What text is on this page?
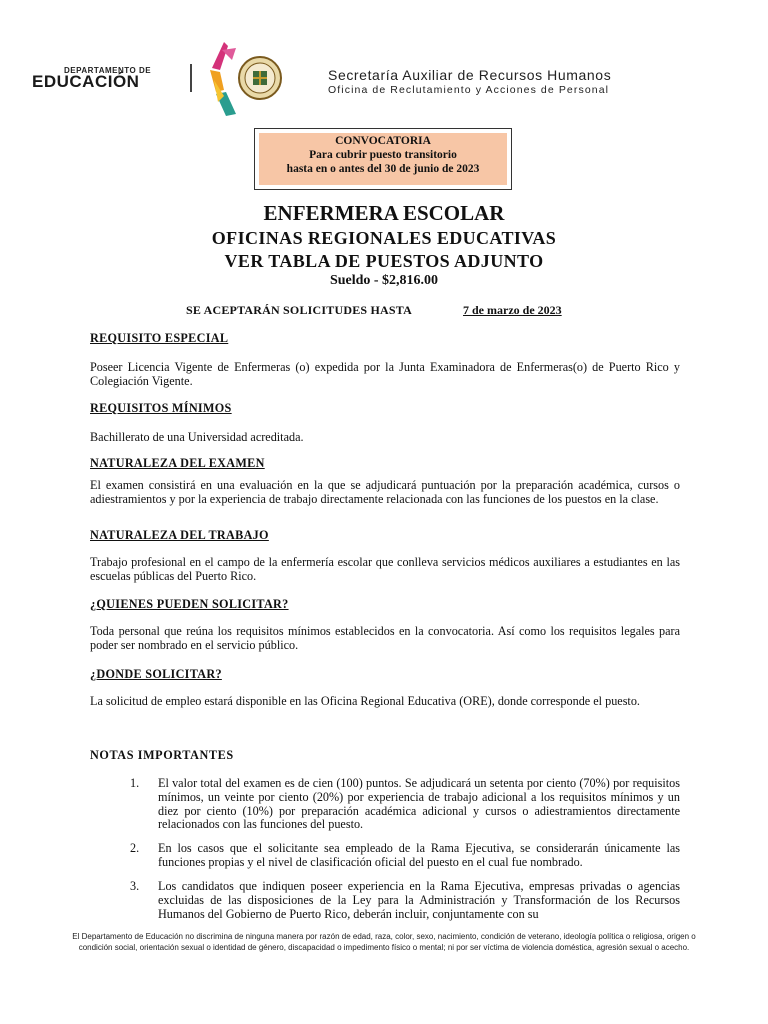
DEPARTAMENTO DE
EDUCACIÓN	Secretaría Auxiliar de Recursos Humanos
Oficina de Reclutamiento y Acciones de Personal
CONVOCATORIA
Para cubrir puesto transitorio
hasta en o antes del 30 de junio de 2023
ENFERMERA ESCOLAR
OFICINAS REGIONALES EDUCATIVAS
VER TABLA DE PUESTOS ADJUNTO
Sueldo - $2,816.00
SE ACEPTARÁN SOLICITUDES HASTA	7 de marzo de 2023
REQUISITO ESPECIAL
Poseer Licencia Vigente de Enfermeras (o) expedida por la Junta Examinadora de Enfermeras(o) de Puerto Rico y Colegiación Vigente.
REQUISITOS MÍNIMOS
Bachillerato de una Universidad acreditada.
NATURALEZA DEL EXAMEN
El examen consistirá en una evaluación en la que se adjudicará puntuación por la preparación académica, cursos o adiestramientos y por la experiencia de trabajo directamente relacionada con las funciones de los puestos en la clase.
NATURALEZA DEL TRABAJO
Trabajo profesional en el campo de la enfermería escolar que conlleva servicios médicos auxiliares a estudiantes en las escuelas públicas del Puerto Rico.
¿QUIENES PUEDEN SOLICITAR?
Toda personal que reúna los requisitos mínimos establecidos en la convocatoria. Así como los requisitos legales para poder ser nombrado en el servicio público.
¿DONDE SOLICITAR?
La solicitud de empleo estará disponible en las Oficina Regional Educativa (ORE), donde corresponde el puesto.
NOTAS IMPORTANTES
1.	El valor total del examen es de cien (100) puntos. Se adjudicará un setenta por ciento (70%) por requisitos mínimos, un veinte por ciento (20%) por experiencia de trabajo adicional a los requisitos mínimos y un diez por ciento (10%) por preparación académica adicional y cursos o adiestramientos directamente relacionados con las funciones del puesto.
2.	En los casos que el solicitante sea empleado de la Rama Ejecutiva, se considerarán únicamente las funciones propias y el nivel de clasificación oficial del puesto en el cual fue nombrado.
3.	Los candidatos que indiquen poseer experiencia en la Rama Ejecutiva, empresas privadas o agencias excluidas de las disposiciones de la Ley para la Administración y Transformación de los Recursos Humanos del Gobierno de Puerto Rico, deberán incluir, conjuntamente con su
El Departamento de Educación no discrimina de ninguna manera por razón de edad, raza, color, sexo, nacimiento, condición de veterano, ideología política o religiosa, origen o condición social, orientación sexual o identidad de género, discapacidad o impedimento físico o mental; ni por ser víctima de violencia doméstica, agresión sexual o acecho.
